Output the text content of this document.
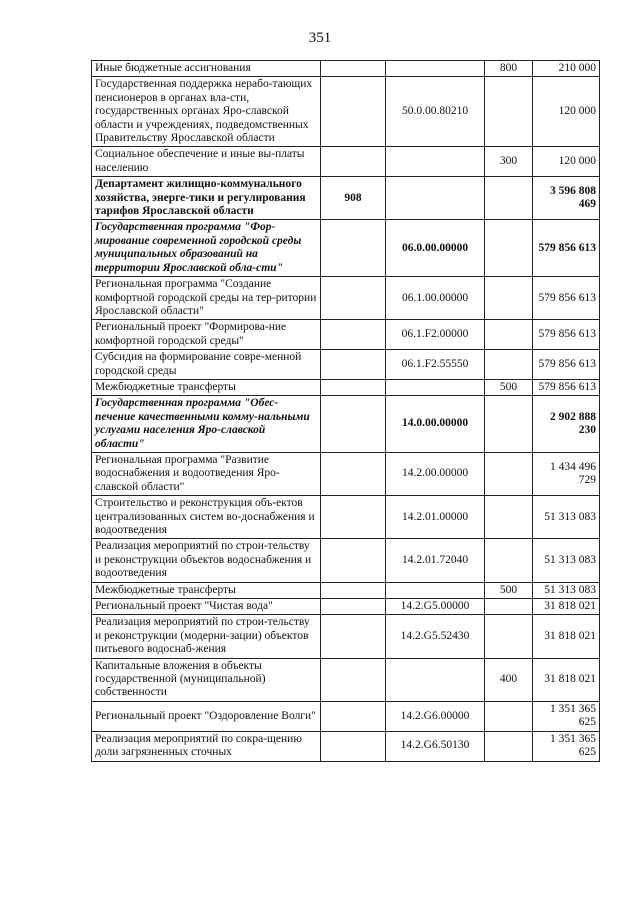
351
Иные бюджетные ассигнования			800	210 000
Государственная поддержка нерабо-тающих пенсионеров в органах вла-сти, государственных органах Яро-славской области и учреждениях, подведомственных Правительству Ярославской области		50.0.00.80210		120 000
Социальное обеспечение и иные вы-платы населению			300	120 000
Департамент жилищно-коммунального хозяйства, энерге-тики и регулирования тарифов Ярославской области	908			3 596 808 469
Государственная программа "Фор-мирование современной городской среды муниципальных образований на территории Ярославской обла-сти"		06.0.00.00000		579 856 613
Региональная программа "Создание комфортной городской среды на тер-ритории Ярославской области"		06.1.00.00000		579 856 613
Региональный проект "Формирова-ние комфортной городской среды"		06.1.F2.00000		579 856 613
Субсидия на формирование совре-менной городской среды		06.1.F2.55550		579 856 613
Межбюджетные трансферты			500	579 856 613
Государственная программа "Обес-печение качественными комму-нальными услугами населения Яро-славской области"		14.0.00.00000		2 902 888 230
Региональная программа "Развитие водоснабжения и водоотведения Яро-славской области"		14.2.00.00000		1 434 496 729
Строительство и реконструкция объ-ектов централизованных систем во-доснабжения и водоотведения		14.2.01.00000		51 313 083
Реализация мероприятий по строи-тельству и реконструкции объектов водоснабжения и водоотведения		14.2.01.72040		51 313 083
Межбюджетные трансферты			500	51 313 083
Региональный проект "Чистая вода"		14.2.G5.00000		31 818 021
Реализация мероприятий по строи-тельству и реконструкции (модерни-зации) объектов питьевого водоснаб-жения		14.2.G5.52430		31 818 021
Капитальные вложения в объекты государственной (муниципальной) собственности			400	31 818 021
Региональный проект "Оздоровление Волги"		14.2.G6.00000		1 351 365 625
Реализация мероприятий по сокра-щению доли загрязненных сточных		14.2.G6.50130		1 351 365 625
